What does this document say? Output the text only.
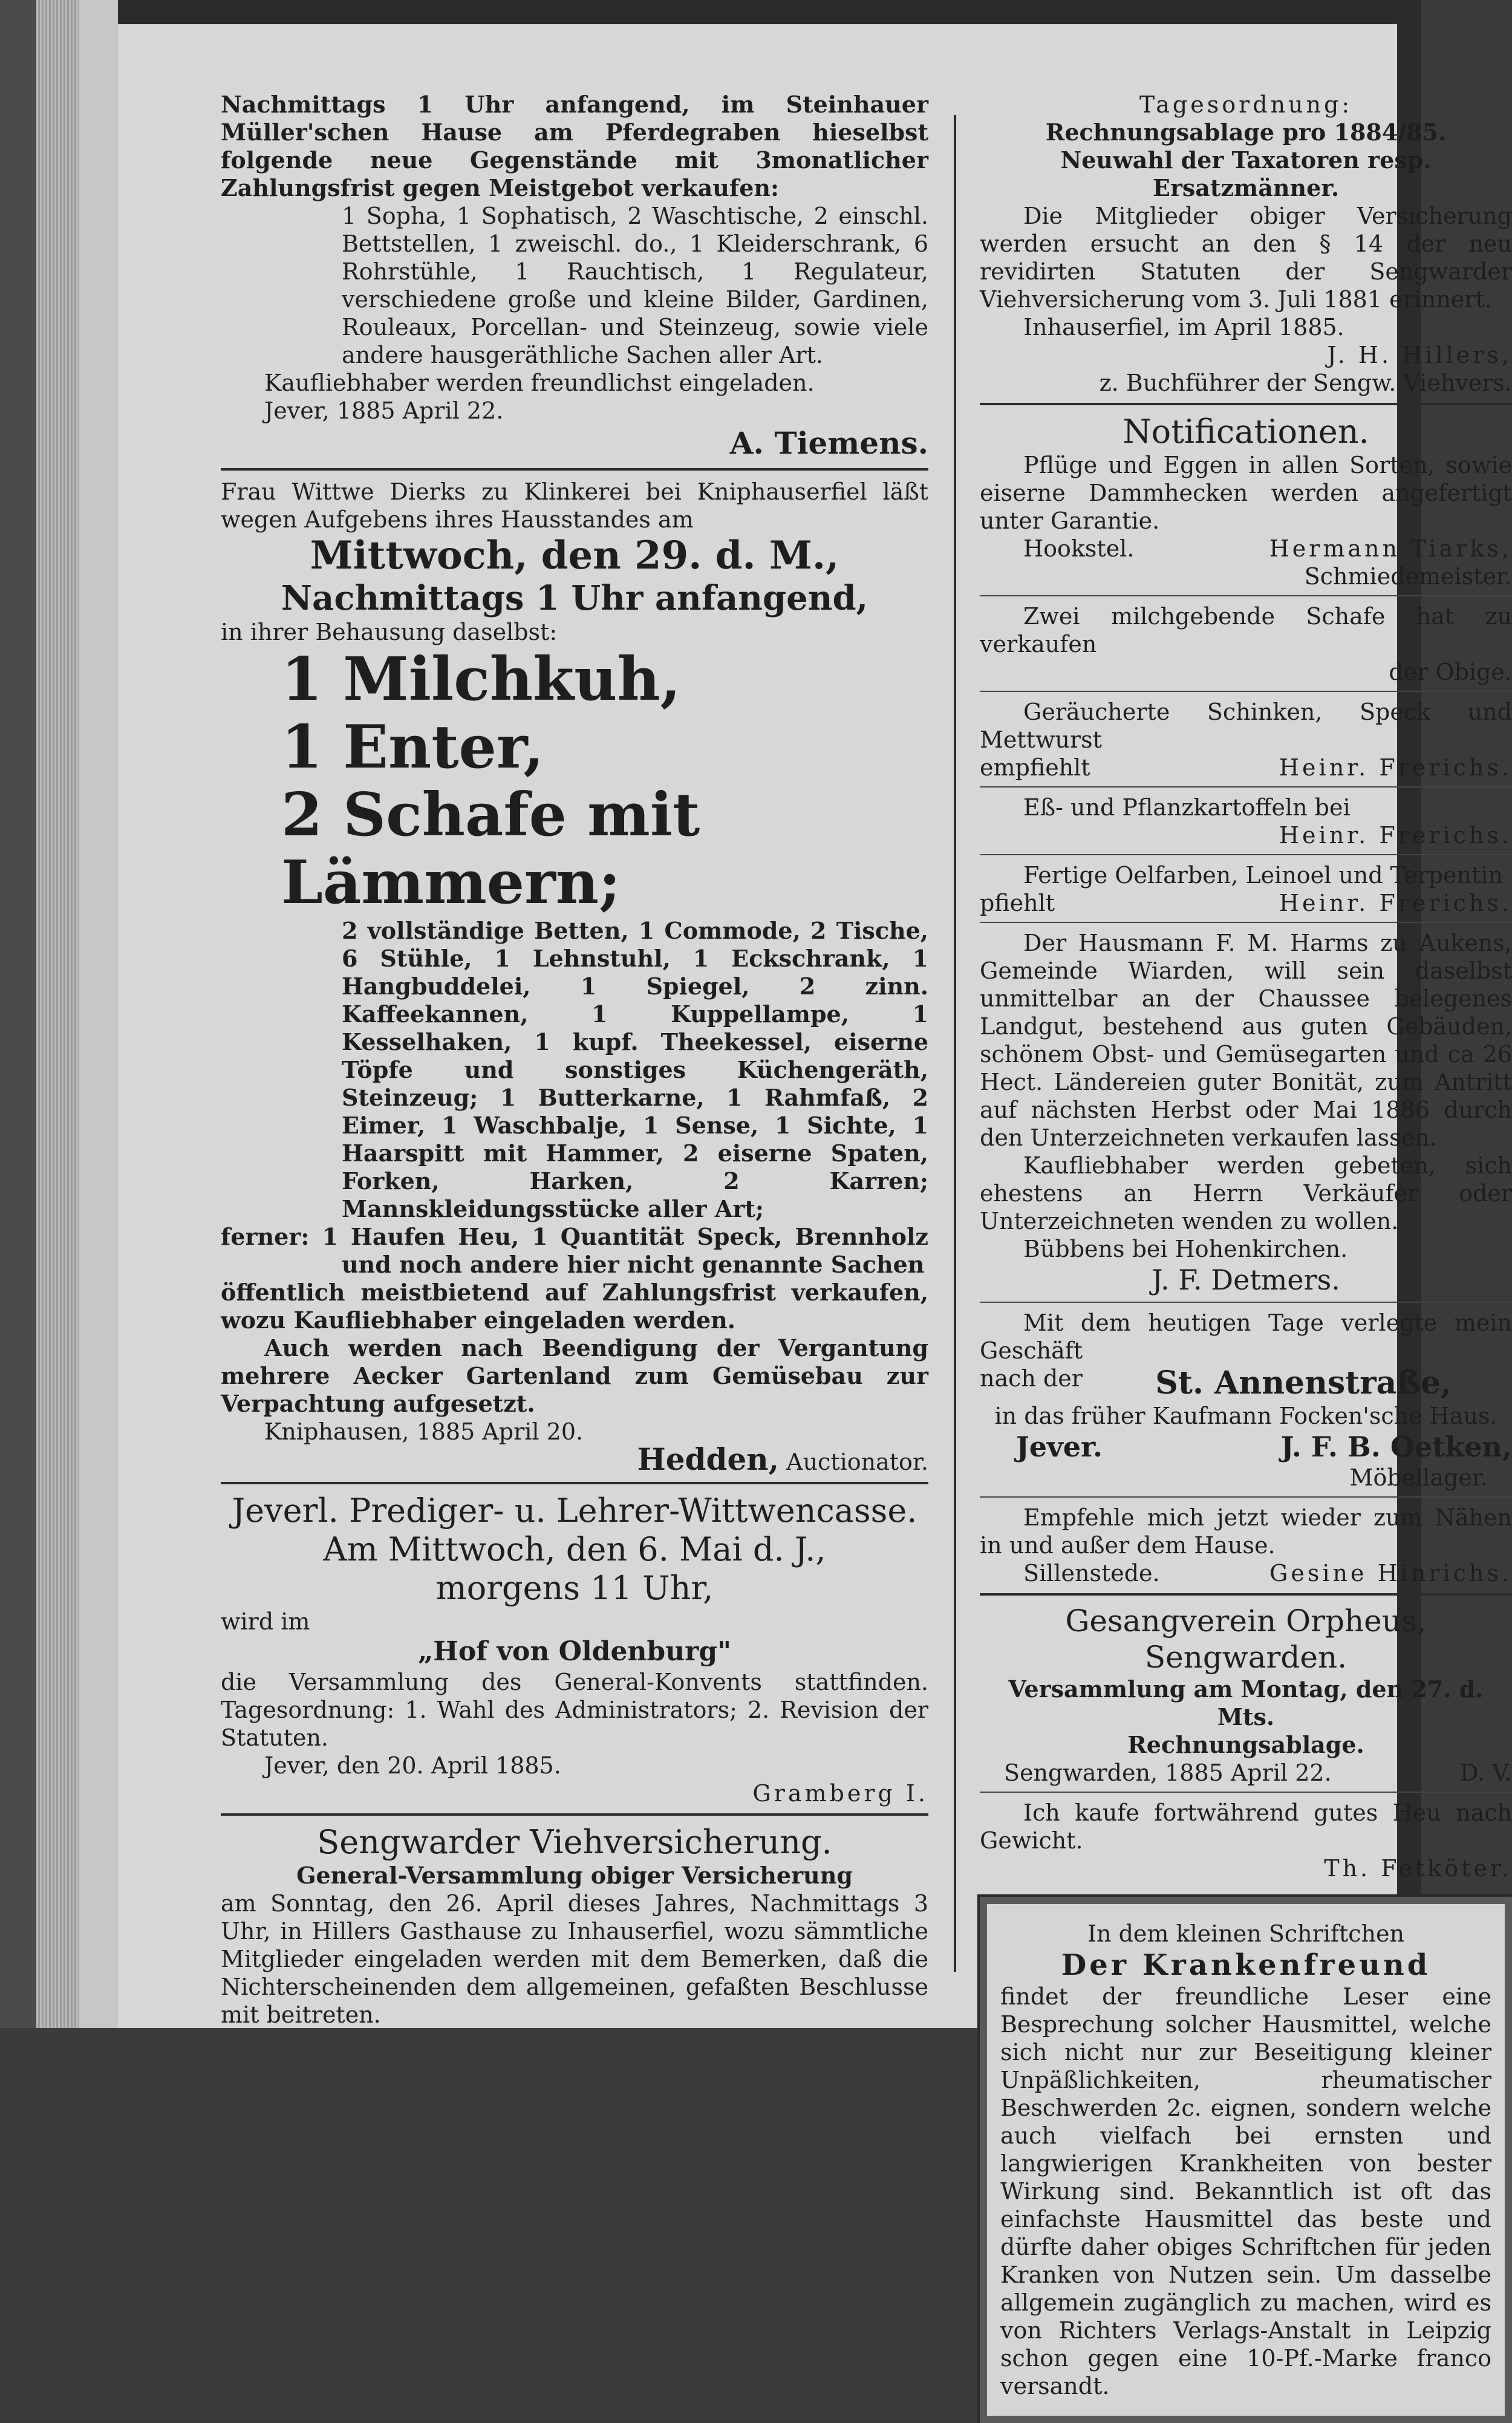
Nachmittags 1 Uhr anfangend, im Steinhauer Müller'schen Hause am Pferdegraben hieselbst folgende neue Gegenstände mit 3monatlicher Zahlungsfrist gegen Meistgebot verkaufen:

1 Sopha, 1 Sophatisch, 2 Waschtische, 2 einschl. Bettstellen, 1 zweischl. do., 1 Kleiderschrank, 6 Rohrstühle, 1 Rauchtisch, 1 Regulateur, verschiedene große und kleine Bilder, Gardinen, Rouleaux, Porcellan- und Steinzeug, sowie viele andere hausgeräthliche Sachen aller Art.

Kaufliebhaber werden freundlichst eingeladen.

Jever, 1885 April 22.

A. Tiemens.

Frau Wittwe Dierks zu Klinkerei bei Kniphauserfiel läßt wegen Aufgebens ihres Hausstandes am

Mittwoch, den 29. d. M.,

Nachmittags 1 Uhr anfangend,

in ihrer Behausung daselbst:

1 Milchkuh,

1 Enter,

2 Schafe mit Lämmern;

2 vollständige Betten, 1 Commode, 2 Tische, 6 Stühle, 1 Lehnstuhl, 1 Eckschrank, 1 Hangbuddelei, 1 Spiegel, 2 zinn. Kaffeekannen, 1 Kuppellampe, 1 Kesselhaken, 1 kupf. Theekessel, eiserne Töpfe und sonstiges Küchengeräth, Steinzeug; 1 Butterkarne, 1 Rahmfaß, 2 Eimer, 1 Waschbalje, 1 Sense, 1 Sichte, 1 Haarspitt mit Hammer, 2 eiserne Spaten, Forken, Harken, 2 Karren; Mannskleidungsstücke aller Art;

ferner: 1 Haufen Heu, 1 Quantität Speck, Brennholz und noch andere hier nicht genannte Sachen

öffentlich meistbietend auf Zahlungsfrist verkaufen, wozu Kaufliebhaber eingeladen werden.

Auch werden nach Beendigung der Vergantung mehrere Aecker Gartenland zum Gemüsebau zur Verpachtung aufgesetzt.

Kniphausen, 1885 April 20.

Hedden, Auctionator.

Jeverl. Prediger- u. Lehrer-Wittwencasse.

Am Mittwoch, den 6. Mai d. J.,

morgens 11 Uhr,

wird im

„Hof von Oldenburg"

die Versammlung des General-Konvents stattfinden. Tagesordnung: 1. Wahl des Administrators; 2. Revision der Statuten.

Jever, den 20. April 1885.

Gramberg I.

Sengwarder Viehversicherung.

General-Versammlung obiger Versicherung

am Sonntag, den 26. April dieses Jahres, Nachmittags 3 Uhr, in Hillers Gasthause zu Inhauserfiel, wozu sämmtliche Mitglieder eingeladen werden mit dem Bemerken, daß die Nichterscheinenden dem allgemeinen, gefaßten Beschlusse mit beitreten.

Tagesordnung:

Rechnungsablage pro 1884/85.

Neuwahl der Taxatoren resp. Ersatzmänner.

Die Mitglieder obiger Versicherung werden ersucht an den § 14 der neu revidirten Statuten der Sengwarder Viehversicherung vom 3. Juli 1881 erinnert.

Inhauserfiel, im April 1885.

J. H. Hillers,

z. Buchführer der Sengw. Viehvers.

Notificationen.

Pflüge und Eggen in allen Sorten, sowie eiserne Dammhecken werden angefertigt unter Garantie.

Hookstel.	Hermann Tiarks,

Schmiedemeister.

Zwei milchgebende Schafe hat zu verkaufen

der Obige.

Geräucherte Schinken, Speck und Mettwurst

empfiehlt	Heinr. Frerichs.

Eß- und Pflanzkartoffeln bei

Heinr. Frerichs.

Fertige Oelfarben, Leinoel und Terpentin

pfiehlt	Heinr. Frerichs.

Der Hausmann F. M. Harms zu Aukens, Gemeinde Wiarden, will sein daselbst unmittelbar an der Chaussee belegenes Landgut, bestehend aus guten Gebäuden, schönem Obst- und Gemüsegarten und ca 26 Hect. Ländereien guter Bonität, zum Antritt auf nächsten Herbst oder Mai 1886 durch den Unterzeichneten verkaufen lassen.

Kaufliebhaber werden gebeten, sich ehestens an Herrn Verkäufer oder Unterzeichneten wenden zu wollen.

Bübbens bei Hohenkirchen.

J. F. Detmers.

Mit dem heutigen Tage verlegte mein Geschäft

nach der St. Annenstraße,

in das früher Kaufmann Focken'sche Haus.

Jever.	J. F. B. Oetken,

Möbellager.

Empfehle mich jetzt wieder zum Nähen in und außer dem Hause.

Sillenstede.	Gesine Hinrichs.

Gesangverein Orpheus, Sengwarden.

Versammlung am Montag, den 27. d. Mts.

Rechnungsablage.

Sengwarden, 1885 April 22.	D. V.

Ich kaufe fortwährend gutes Heu nach Gewicht.

Th. Fetköter.

In dem kleinen Schriftchen

Der Krankenfreund

findet der freundliche Leser eine Besprechung solcher Hausmittel, welche sich nicht nur zur Beseitigung kleiner Unpäßlichkeiten, rheumatischer Beschwerden 2c. eignen, sondern welche auch vielfach bei ernsten und langwierigen Krankheiten von bester Wirkung sind. Bekanntlich ist oft das einfachste Hausmittel das beste und dürfte daher obiges Schriftchen für jeden Kranken von Nutzen sein. Um dasselbe allgemein zugänglich zu machen, wird es von Richters Verlags-Anstalt in Leipzig schon gegen eine 10-Pf.-Marke franco versandt.
